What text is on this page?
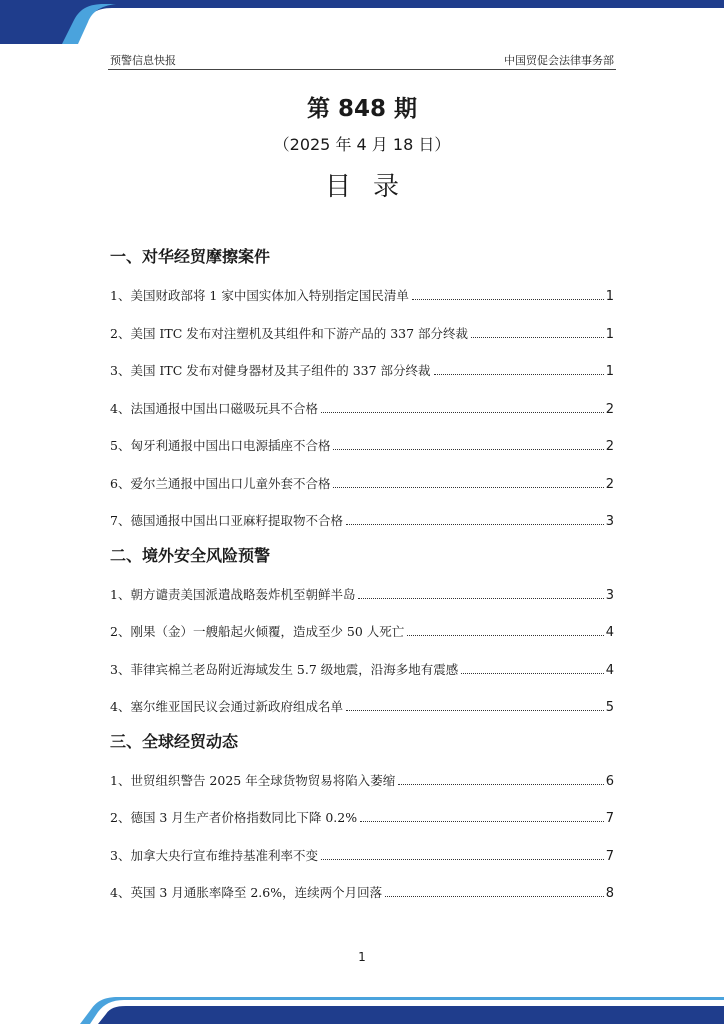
预警信息快报	中国贸促会法律事务部
第 848 期
（2025 年 4 月 18 日）
目录
一、对华经贸摩擦案件
1、美国财政部将 1 家中国实体加入特别指定国民清单	1
2、美国 ITC 发布对注塑机及其组件和下游产品的 337 部分终裁	1
3、美国 ITC 发布对健身器材及其子组件的 337 部分终裁	1
4、法国通报中国出口磁吸玩具不合格	2
5、匈牙利通报中国出口电源插座不合格	2
6、爱尔兰通报中国出口儿童外套不合格	2
7、德国通报中国出口亚麻籽提取物不合格	3
二、境外安全风险预警
1、朝方谴责美国派遣战略轰炸机至朝鲜半岛	3
2、刚果（金）一艘船起火倾覆，造成至少 50 人死亡	4
3、菲律宾棉兰老岛附近海域发生 5.7 级地震，沿海多地有震感	4
4、塞尔维亚国民议会通过新政府组成名单	5
三、全球经贸动态
1、世贸组织警告 2025 年全球货物贸易将陷入萎缩	6
2、德国 3 月生产者价格指数同比下降 0.2%	7
3、加拿大央行宣布维持基准利率不变	7
4、英国 3 月通胀率降至 2.6%，连续两个月回落	8
1
